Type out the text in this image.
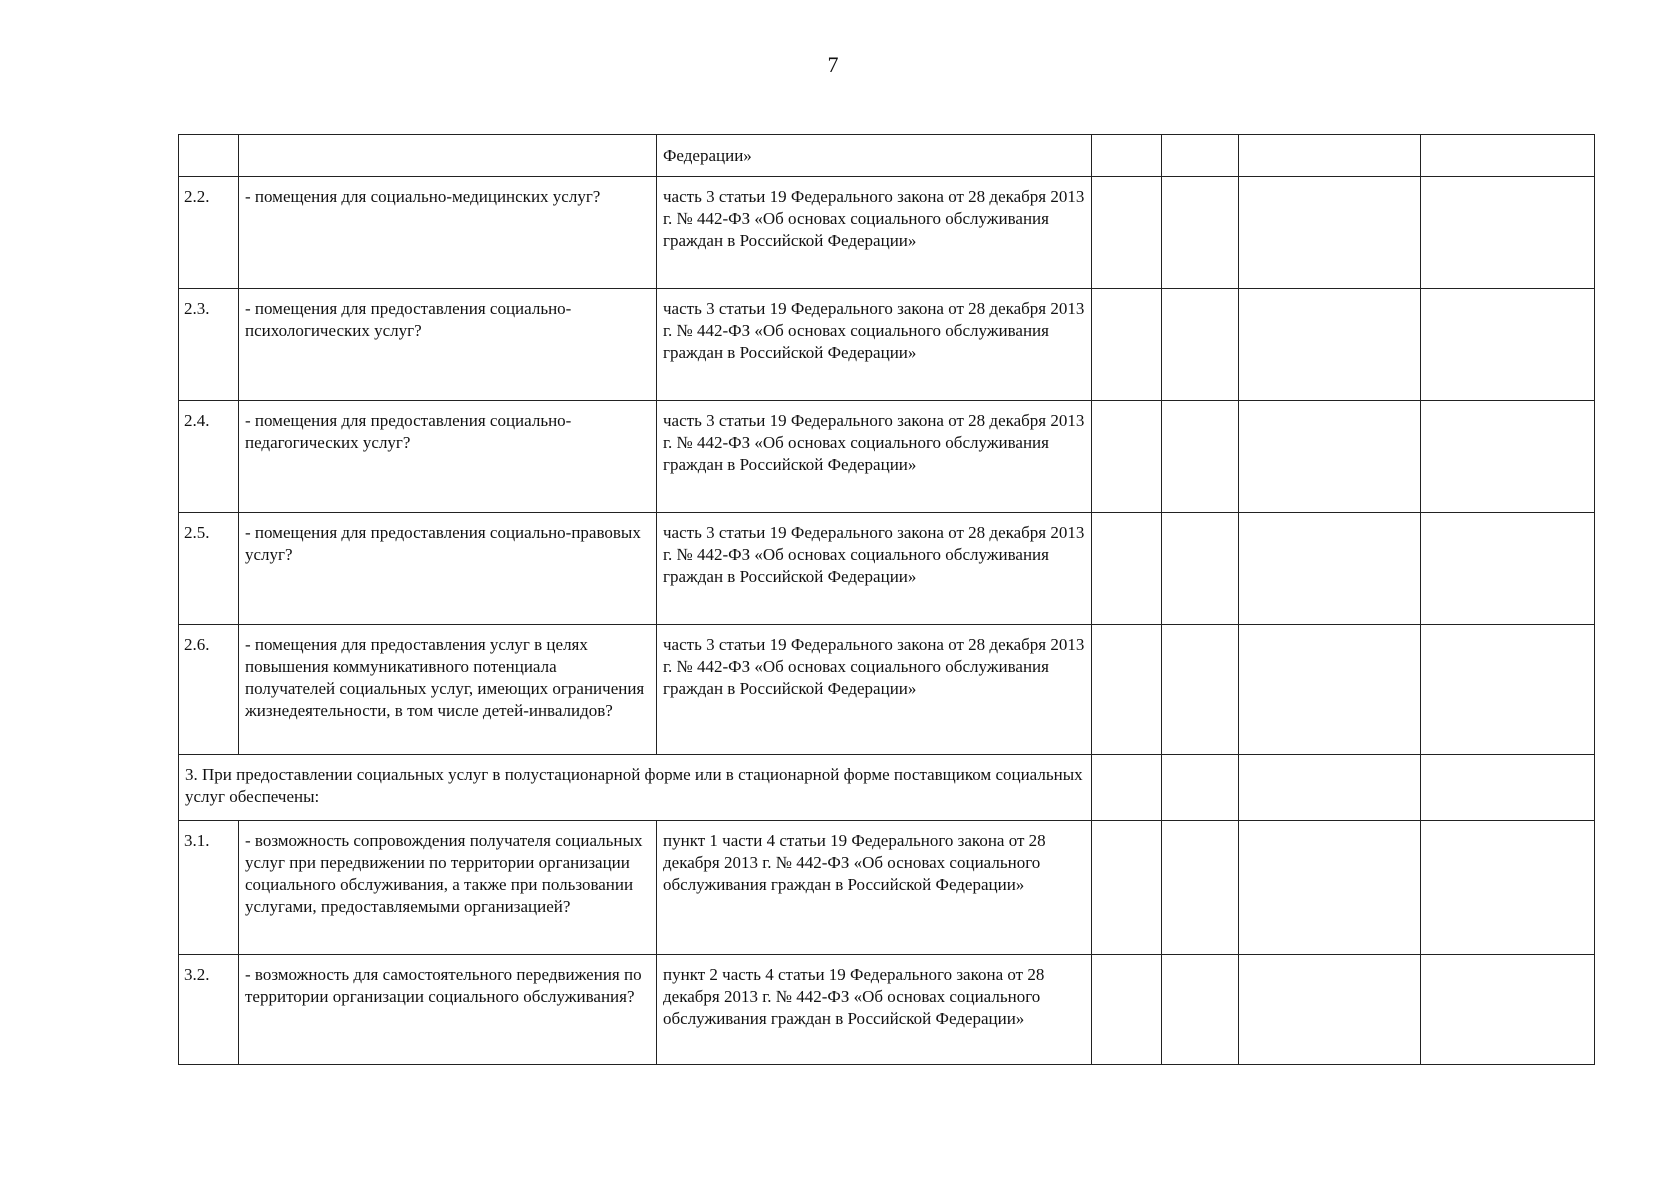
7
		Федерации»				
2.2.	- помещения для социально-медицинских услуг?	часть 3 статьи 19 Федерального закона от 28 декабря 2013 г. № 442-ФЗ «Об основах социального обслуживания граждан в Российской Федерации»				
2.3.	- помещения для предоставления социально-психологических услуг?	часть 3 статьи 19 Федерального закона от 28 декабря 2013 г. № 442-ФЗ «Об основах социального обслуживания граждан в Российской Федерации»				
2.4.	- помещения для предоставления социально-педагогических услуг?	часть 3 статьи 19 Федерального закона от 28 декабря 2013 г. № 442-ФЗ «Об основах социального обслуживания граждан в Российской Федерации»				
2.5.	- помещения для предоставления социально-правовых услуг?	часть 3 статьи 19 Федерального закона от 28 декабря 2013 г. № 442-ФЗ «Об основах социального обслуживания граждан в Российской Федерации»				
2.6.	- помещения для предоставления услуг в целях повышения коммуникативного потенциала получателей социальных услуг, имеющих ограничения жизнедеятельности, в том числе детей-инвалидов?	часть 3 статьи 19 Федерального закона от 28 декабря 2013 г. № 442-ФЗ «Об основах социального обслуживания граждан в Российской Федерации»				
3. При предоставлении социальных услуг в полустационарной форме или в стационарной форме поставщиком социальных услуг обеспечены:						
3.1.	- возможность сопровождения получателя социальных услуг при передвижении по территории организации социального обслуживания, а также при пользовании услугами, предоставляемыми организацией?	пункт 1 части 4 статьи 19 Федерального закона от 28 декабря 2013 г. № 442-ФЗ «Об основах социального обслуживания граждан в Российской Федерации»				
3.2.	- возможность для самостоятельного передвижения по территории организации социального обслуживания?	пункт 2 часть 4 статьи 19 Федерального закона от 28 декабря 2013 г. № 442-ФЗ «Об основах социального обслуживания граждан в Российской Федерации»				
